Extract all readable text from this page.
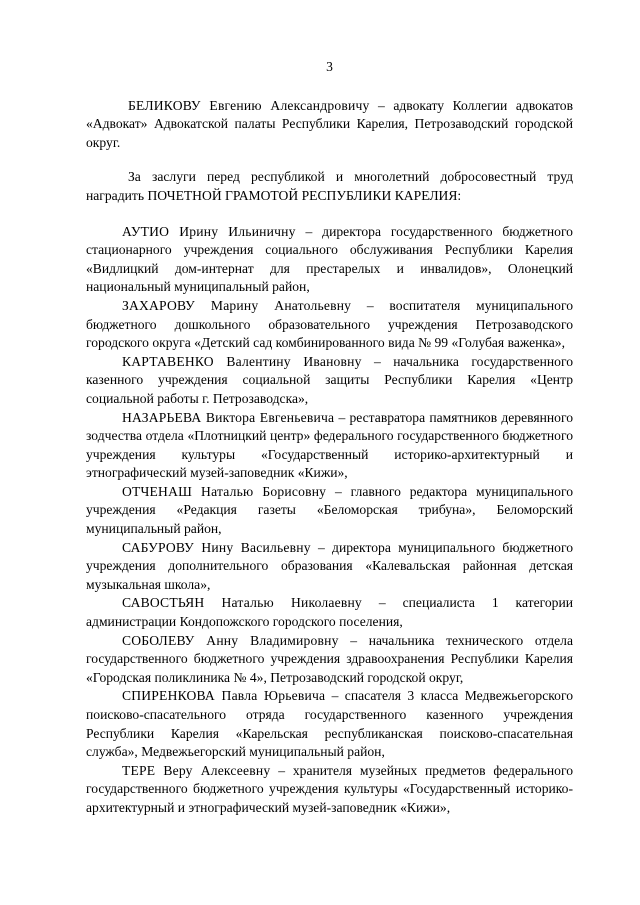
3

БЕЛИКОВУ Евгению Александровичу – адвокату Коллегии адвокатов «Адвокат» Адвокатской палаты Республики Карелия, Петрозаводский городской округ.

За заслуги перед республикой и многолетний добросовестный труд наградить ПОЧЕТНОЙ ГРАМОТОЙ РЕСПУБЛИКИ КАРЕЛИЯ:

АУТИО Ирину Ильиничну – директора государственного бюджетного стационарного учреждения социального обслуживания Республики Карелия «Видлицкий дом-интернат для престарелых и инвалидов», Олонецкий национальный муниципальный район,

ЗАХАРОВУ Марину Анатольевну – воспитателя муниципального бюджетного дошкольного образовательного учреждения Петрозаводского городского округа «Детский сад комбинированного вида № 99 «Голубая важенка»,

КАРТАВЕНКО Валентину Ивановну – начальника государственного казенного учреждения социальной защиты Республики Карелия «Центр социальной работы г. Петрозаводска»,

НАЗАРЬЕВА Виктора Евгеньевича – реставратора памятников деревянного зодчества отдела «Плотницкий центр» федерального государственного бюджетного учреждения культуры «Государственный историко-архитектурный и этнографический музей-заповедник «Кижи»,

ОТЧЕНАШ Наталью Борисовну – главного редактора муниципального учреждения «Редакция газеты «Беломорская трибуна», Беломорский муниципальный район,

САБУРОВУ Нину Васильевну – директора муниципального бюджетного учреждения дополнительного образования «Калевальская районная детская музыкальная школа»,

САВОСТЬЯН Наталью Николаевну – специалиста 1 категории администрации Кондопожского городского поселения,

СОБОЛЕВУ Анну Владимировну – начальника технического отдела государственного бюджетного учреждения здравоохранения Республики Карелия «Городская поликлиника № 4», Петрозаводский городской округ,

СПИРЕНКОВА Павла Юрьевича – спасателя 3 класса Медвежьегорского поисково-спасательного отряда государственного казенного учреждения Республики Карелия «Карельская республиканская поисково-спасательная служба», Медвежьегорский муниципальный район,

ТЕРЕ Веру Алексеевну – хранителя музейных предметов федерального государственного бюджетного учреждения культуры «Государственный историко-архитектурный и этнографический музей-заповедник «Кижи»,
